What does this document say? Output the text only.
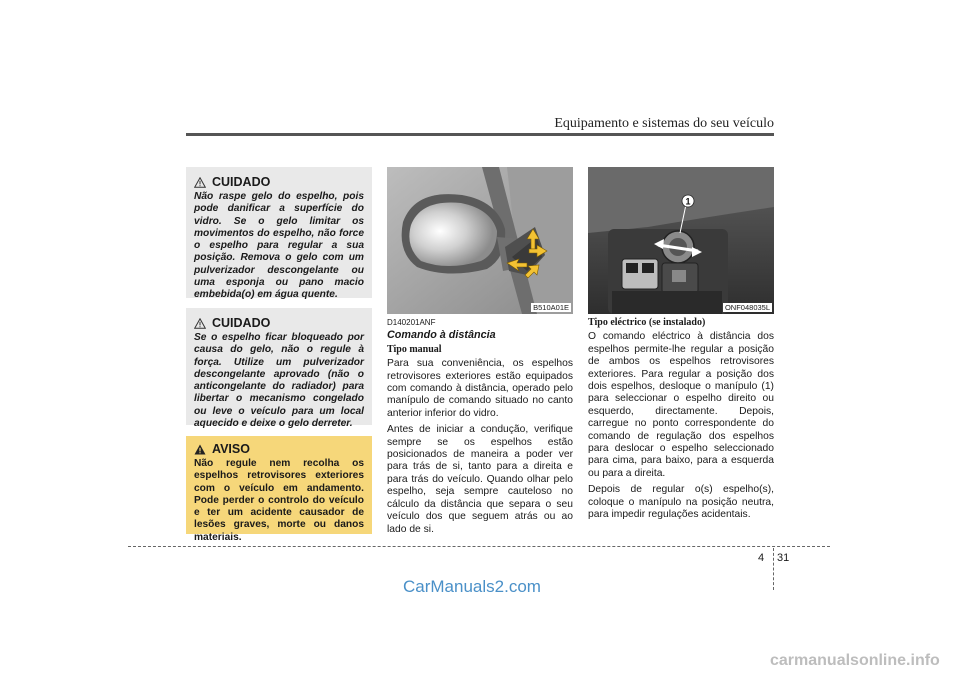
Equipamento e sistemas do seu veículo
CUIDADO

Não raspe gelo do espelho, pois pode danificar a superfície do vidro. Se o gelo limitar os movimentos do espelho, não force o espelho para regular a sua posição. Remova o gelo com um pulverizador descongelante ou uma esponja ou pano macio embebida(o) em água quente.

CUIDADO

Se o espelho ficar bloqueado por causa do gelo, não o regule à força. Utilize um pulverizador descongelante aprovado (não o anticongelante do radiador) para libertar o mecanismo congelado ou leve o veículo para um local aquecido e deixe o gelo derreter.

AVISO

Não regule nem recolha os espelhos retrovisores exteriores com o veículo em andamento. Pode perder o controlo do veículo e ter um acidente causador de lesões graves, morte ou danos materiais.

B510A01E
D140201ANF
Comando à distância
Tipo manual

Para sua conveniência, os espelhos retrovisores exteriores estão equipados com comando à distância, operado pelo manípulo de comando situado no canto anterior inferior do vidro.

Antes de iniciar a condução, verifique sempre se os espelhos estão posicionados de maneira a poder ver para trás de si, tanto para a direita e para trás do veículo. Quando olhar pelo espelho, seja sempre cauteloso no cálculo da distância que separa o seu veículo dos que seguem atrás ou ao lado de si.

1
ONF048035L
Tipo eléctrico (se instalado)

O comando eléctrico à distância dos espelhos permite-lhe regular a posição de ambos os espelhos retrovisores exteriores. Para regular a posição dos dois espelhos, desloque o manípulo (1) para seleccionar o espelho direito ou esquerdo, directamente. Depois, carregue no ponto correspondente do comando de regulação dos espelhos para deslocar o espelho seleccionado para cima, para baixo, para a esquerda ou para a direita.

Depois de regular o(s) espelho(s), coloque o manípulo na posição neutra, para impedir regulações acidentais.

4 31
CarManuals2.com
carmanualsonline.info
